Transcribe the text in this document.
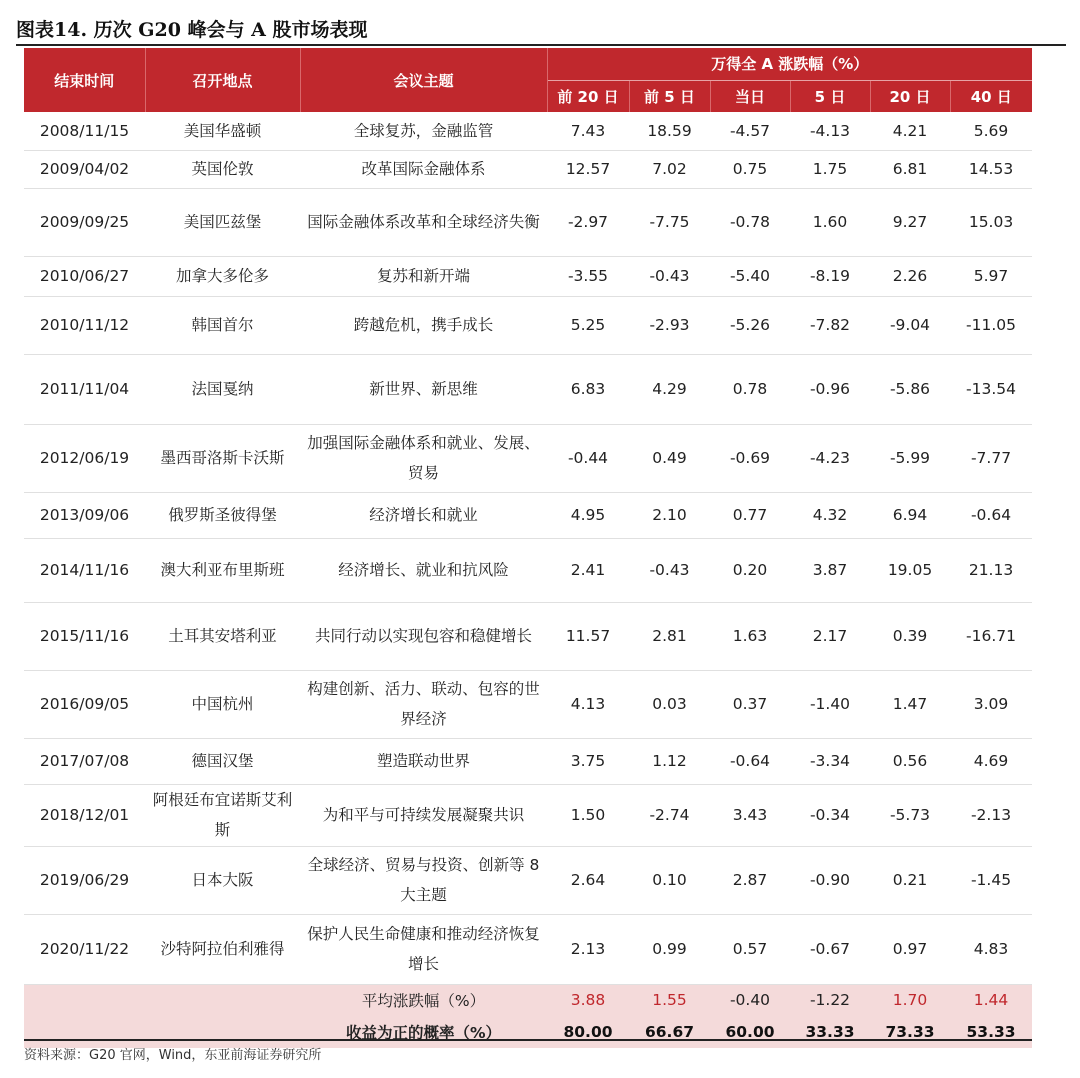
图表14. 历次 G20 峰会与 A 股市场表现
结束时间	召开地点	会议主题	万得全 A 涨跌幅（%）					
			前 20 日	前 5 日	当日	5 日	20 日	40 日
2008/11/15	美国华盛顿	全球复苏，金融监管	7.43	18.59	-4.57	-4.13	4.21	5.69
2009/04/02	英国伦敦	改革国际金融体系	12.57	7.02	0.75	1.75	6.81	14.53
2009/09/25	美国匹兹堡	国际金融体系改革和全球经济失衡	-2.97	-7.75	-0.78	1.60	9.27	15.03
2010/06/27	加拿大多伦多	复苏和新开端	-3.55	-0.43	-5.40	-8.19	2.26	5.97
2010/11/12	韩国首尔	跨越危机，携手成长	5.25	-2.93	-5.26	-7.82	-9.04	-11.05
2011/11/04	法国戛纳	新世界、新思维	6.83	4.29	0.78	-0.96	-5.86	-13.54
2012/06/19	墨西哥洛斯卡沃斯	加强国际金融体系和就业、发展、贸易	-0.44	0.49	-0.69	-4.23	-5.99	-7.77
2013/09/06	俄罗斯圣彼得堡	经济增长和就业	4.95	2.10	0.77	4.32	6.94	-0.64
2014/11/16	澳大利亚布里斯班	经济增长、就业和抗风险	2.41	-0.43	0.20	3.87	19.05	21.13
2015/11/16	土耳其安塔利亚	共同行动以实现包容和稳健增长	11.57	2.81	1.63	2.17	0.39	-16.71
2016/09/05	中国杭州	构建创新、活力、联动、包容的世界经济	4.13	0.03	0.37	-1.40	1.47	3.09
2017/07/08	德国汉堡	塑造联动世界	3.75	1.12	-0.64	-3.34	0.56	4.69
2018/12/01	阿根廷布宜诺斯艾利斯	为和平与可持续发展凝聚共识	1.50	-2.74	3.43	-0.34	-5.73	-2.13
2019/06/29	日本大阪	全球经济、贸易与投资、创新等 8 大主题	2.64	0.10	2.87	-0.90	0.21	-1.45
2020/11/22	沙特阿拉伯利雅得	保护人民生命健康和推动经济恢复增长	2.13	0.99	0.57	-0.67	0.97	4.83
		平均涨跌幅（%）	3.88	1.55	-0.40	-1.22	1.70	1.44
		收益为正的概率（%）	80.00	66.67	60.00	33.33	73.33	53.33
资料来源：G20 官网，Wind，东亚前海证券研究所
